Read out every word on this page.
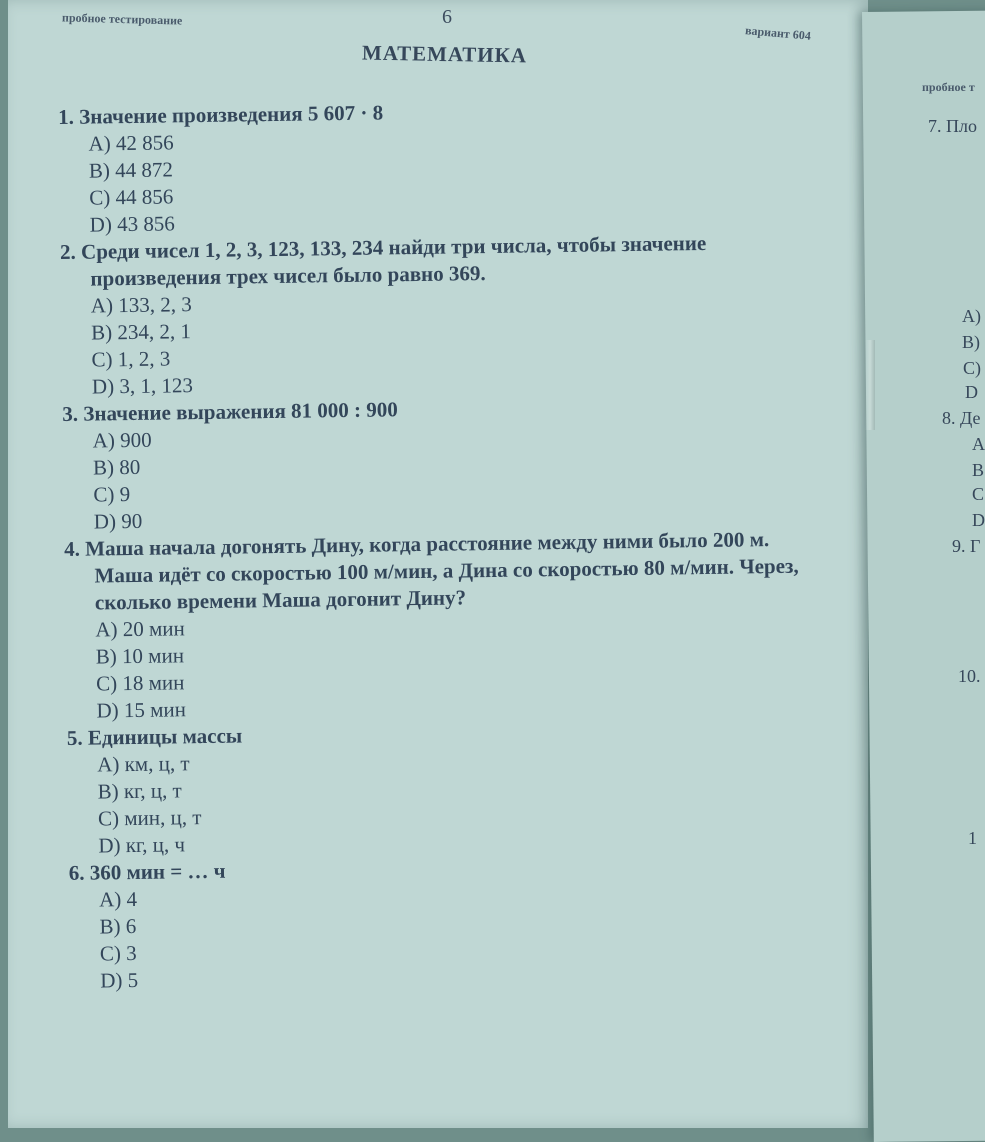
пробное тестирование	6
вариант 604
МАТЕМАТИКА
1. Значение произведения 5 607 · 8
A) 42 856
B) 44 872
C) 44 856
D) 43 856
2. Среди чисел 1, 2, 3, 123, 133, 234 найди три числа, чтобы значение
произведения трех чисел было равно 369.
A) 133, 2, 3
B) 234, 2, 1
C) 1, 2, 3
D) 3, 1, 123
3. Значение выражения 81 000 : 900
A) 900
B) 80
C) 9
D) 90
4. Маша начала догонять Дину, когда расстояние между ними было 200 м.
Маша идёт со скоростью 100 м/мин, а Дина со скоростью 80 м/мин. Через,
сколько времени Маша догонит Дину?
A) 20 мин
B) 10 мин
C) 18 мин
D) 15 мин
5. Единицы массы
A) км, ц, т
B) кг, ц, т
C) мин, ц, т
D) кг, ц, ч
6. 360 мин = … ч
A) 4
B) 6
C) 3
D) 5
пробное т
7. Пло
A)
B)
C)
D
8. Де
A
B
C
D
9. Г
10.
1
